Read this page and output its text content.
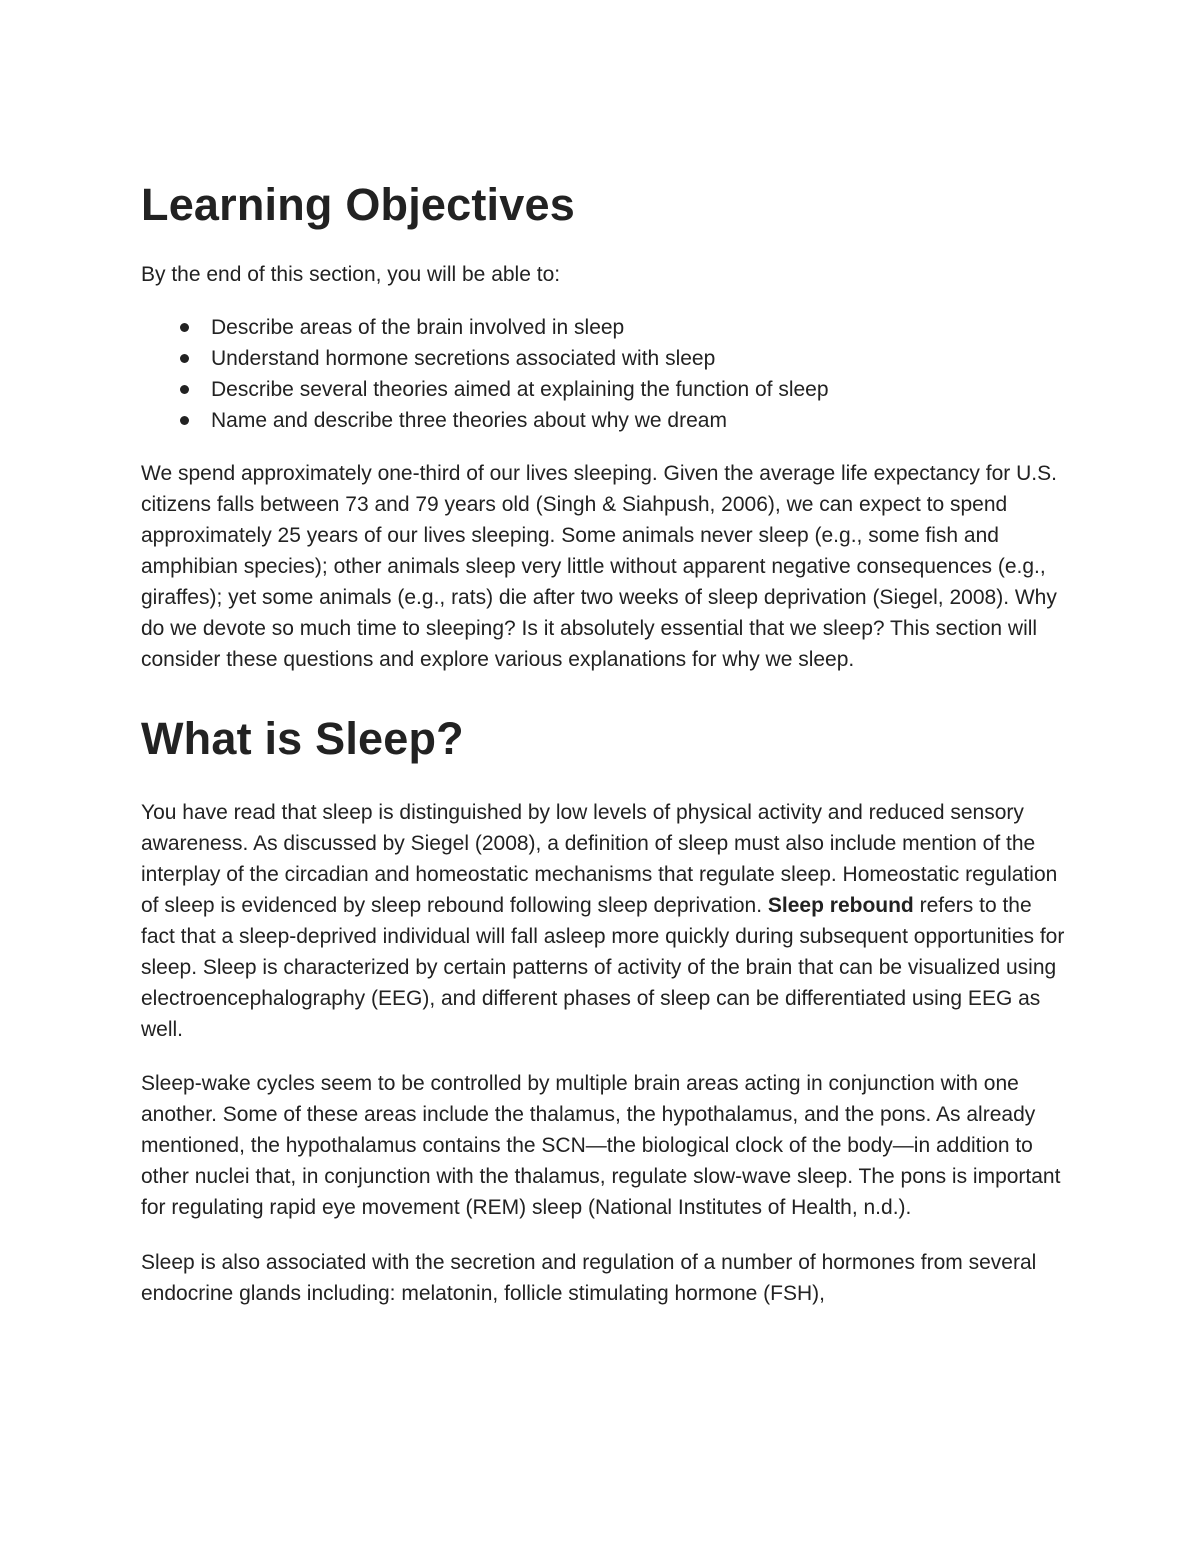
Learning Objectives

By the end of this section, you will be able to:

Describe areas of the brain involved in sleep
Understand hormone secretions associated with sleep
Describe several theories aimed at explaining the function of sleep
Name and describe three theories about why we dream

We spend approximately one-third of our lives sleeping. Given the average life expectancy for U.S. citizens falls between 73 and 79 years old (Singh & Siahpush, 2006), we can expect to spend approximately 25 years of our lives sleeping. Some animals never sleep (e.g., some fish and amphibian species); other animals sleep very little without apparent negative consequences (e.g., giraffes); yet some animals (e.g., rats) die after two weeks of sleep deprivation (Siegel, 2008). Why do we devote so much time to sleeping? Is it absolutely essential that we sleep? This section will consider these questions and explore various explanations for why we sleep.

What is Sleep?

You have read that sleep is distinguished by low levels of physical activity and reduced sensory awareness. As discussed by Siegel (2008), a definition of sleep must also include mention of the interplay of the circadian and homeostatic mechanisms that regulate sleep. Homeostatic regulation of sleep is evidenced by sleep rebound following sleep deprivation. Sleep rebound refers to the fact that a sleep-deprived individual will fall asleep more quickly during subsequent opportunities for sleep. Sleep is characterized by certain patterns of activity of the brain that can be visualized using electroencephalography (EEG), and different phases of sleep can be differentiated using EEG as well.

Sleep-wake cycles seem to be controlled by multiple brain areas acting in conjunction with one another. Some of these areas include the thalamus, the hypothalamus, and the pons. As already mentioned, the hypothalamus contains the SCN—the biological clock of the body—in addition to other nuclei that, in conjunction with the thalamus, regulate slow-wave sleep. The pons is important for regulating rapid eye movement (REM) sleep (National Institutes of Health, n.d.).

Sleep is also associated with the secretion and regulation of a number of hormones from several endocrine glands including: melatonin, follicle stimulating hormone (FSH),
